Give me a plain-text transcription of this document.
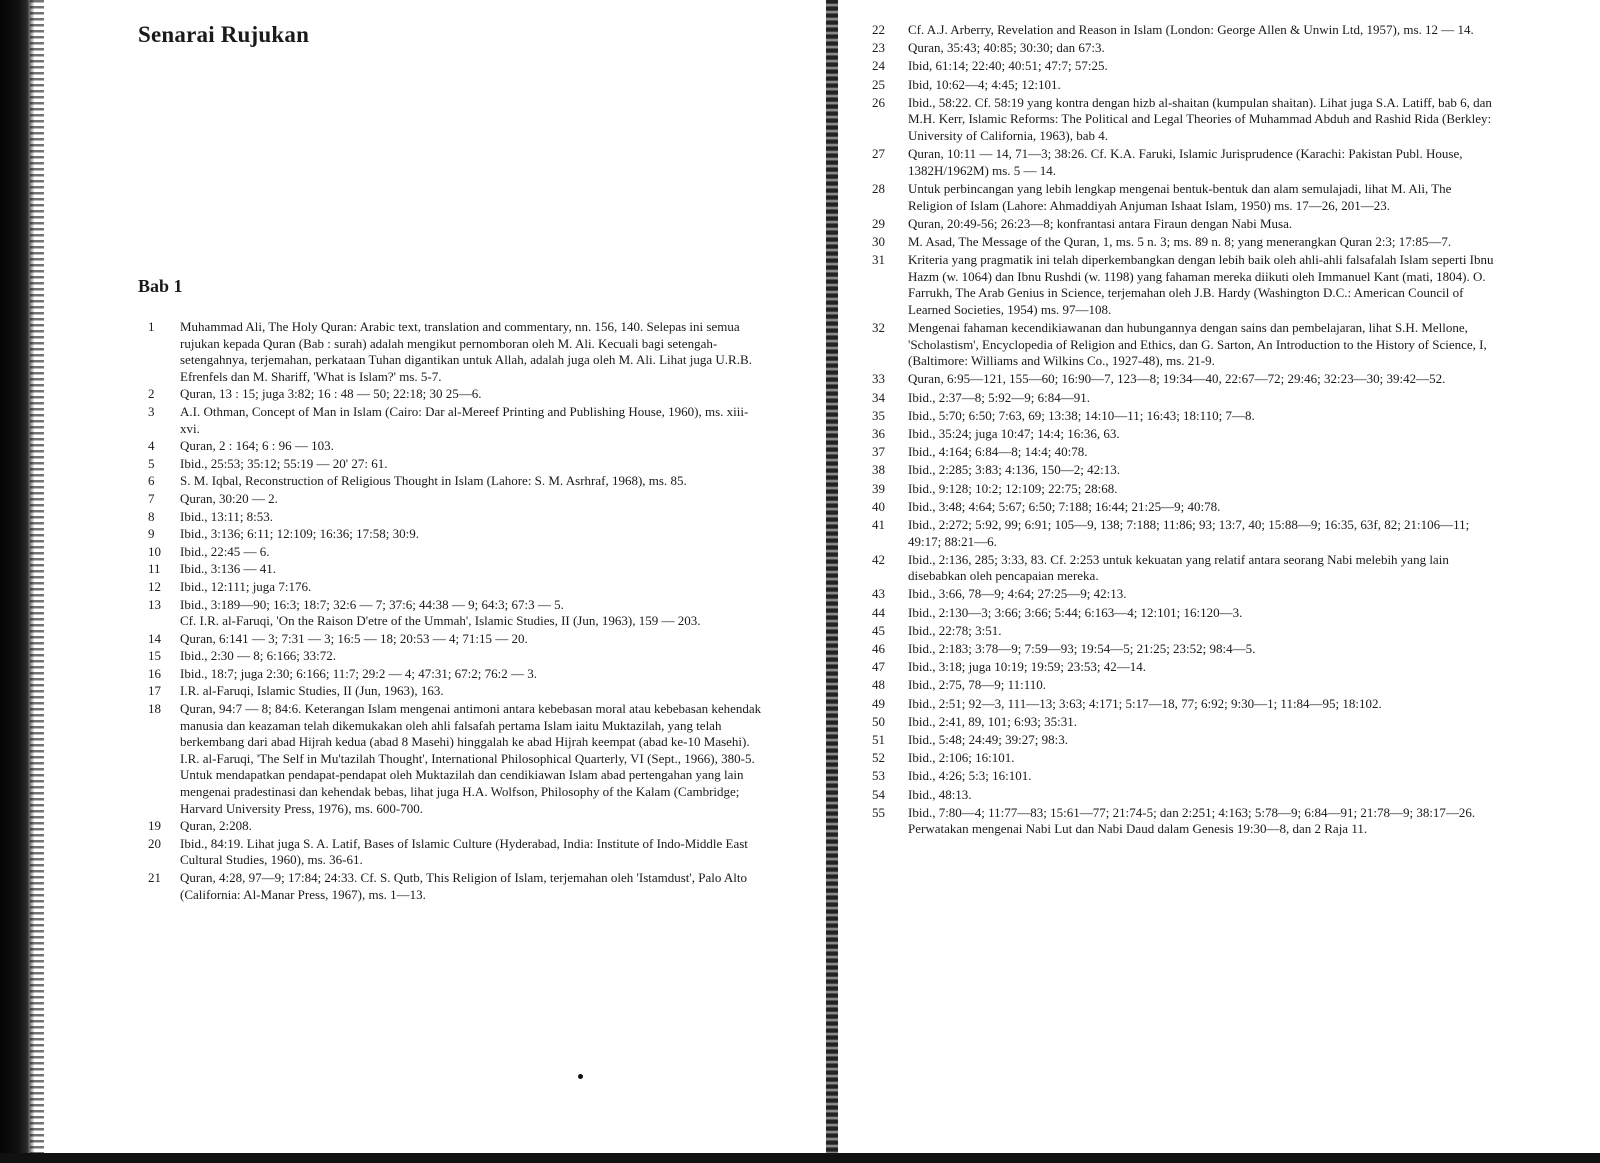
Senarai Rujukan
Bab 1
1	Muhammad Ali, The Holy Quran: Arabic text, translation and commentary, nn. 156, 140. Selepas ini semua rujukan kepada Quran (Bab : surah) adalah mengikut pernomboran oleh M. Ali. Kecuali bagi setengah-setengahnya, terjemahan, perkataan Tuhan digantikan untuk Allah, adalah juga oleh M. Ali. Lihat juga U.R.B. Efrenfels dan M. Shariff, 'What is Islam?' ms. 5-7.
2	Quran, 13 : 15; juga 3:82; 16 : 48 — 50; 22:18; 30 25—6.
3	A.I. Othman, Concept of Man in Islam (Cairo: Dar al-Mereef Printing and Publishing House, 1960), ms. xiii-xvi.
4	Quran, 2 : 164; 6 : 96 — 103.
5	Ibid., 25:53; 35:12; 55:19 — 20' 27: 61.
6	S. M. Iqbal, Reconstruction of Religious Thought in Islam (Lahore: S. M. Asrhraf, 1968), ms. 85.
7	Quran, 30:20 — 2.
8	Ibid., 13:11; 8:53.
9	Ibid., 3:136; 6:11; 12:109; 16:36; 17:58; 30:9.
10	Ibid., 22:45 — 6.
11	Ibid., 3:136 — 41.
12	Ibid., 12:111; juga 7:176.
13	Ibid., 3:189—90; 16:3; 18:7; 32:6 — 7; 37:6; 44:38 — 9; 64:3; 67:3 — 5.
Cf. I.R. al-Faruqi, 'On the Raison D'etre of the Ummah', Islamic Studies, II (Jun, 1963), 159 — 203.
14	Quran, 6:141 — 3; 7:31 — 3; 16:5 — 18; 20:53 — 4; 71:15 — 20.
15	Ibid., 2:30 — 8; 6:166; 33:72.
16	Ibid., 18:7; juga 2:30; 6:166; 11:7; 29:2 — 4; 47:31; 67:2; 76:2 — 3.
17	I.R. al-Faruqi, Islamic Studies, II (Jun, 1963), 163.
18	Quran, 94:7 — 8; 84:6. Keterangan Islam mengenai antimoni antara kebebasan moral atau kebebasan kehendak manusia dan keazaman telah dikemukakan oleh ahli falsafah pertama Islam iaitu Muktazilah, yang telah berkembang dari abad Hijrah kedua (abad 8 Masehi) hinggalah ke abad Hijrah keempat (abad ke-10 Masehi). I.R. al-Faruqi, 'The Self in Mu'tazilah Thought', International Philosophical Quarterly, VI (Sept., 1966), 380-5. Untuk mendapatkan pendapat-pendapat oleh Muktazilah dan cendikiawan Islam abad pertengahan yang lain mengenai pradestinasi dan kehendak bebas, lihat juga H.A. Wolfson, Philosophy of the Kalam (Cambridge; Harvard University Press, 1976), ms. 600-700.
19	Quran, 2:208.
20	Ibid., 84:19. Lihat juga S. A. Latif, Bases of Islamic Culture (Hyderabad, India: Institute of Indo-Middle East Cultural Studies, 1960), ms. 36-61.
21	Quran, 4:28, 97—9; 17:84; 24:33. Cf. S. Qutb, This Religion of Islam, terjemahan oleh 'Istamdust', Palo Alto (California: Al-Manar Press, 1967), ms. 1—13.
22	Cf. A.J. Arberry, Revelation and Reason in Islam (London: George Allen & Unwin Ltd, 1957), ms. 12 — 14.
23	Quran, 35:43; 40:85; 30:30; dan 67:3.
24	Ibid, 61:14; 22:40; 40:51; 47:7; 57:25.
25	Ibid, 10:62—4; 4:45; 12:101.
26	Ibid., 58:22. Cf. 58:19 yang kontra dengan hizb al-shaitan (kumpulan shaitan). Lihat juga S.A. Latiff, bab 6, dan M.H. Kerr, Islamic Reforms: The Political and Legal Theories of Muhammad Abduh and Rashid Rida (Berkley: University of California, 1963), bab 4.
27	Quran, 10:11 — 14, 71—3; 38:26. Cf. K.A. Faruki, Islamic Jurisprudence (Karachi: Pakistan Publ. House, 1382H/1962M) ms. 5 — 14.
28	Untuk perbincangan yang lebih lengkap mengenai bentuk-bentuk dan alam semulajadi, lihat M. Ali, The Religion of Islam (Lahore: Ahmaddiyah Anjuman Ishaat Islam, 1950) ms. 17—26, 201—23.
29	Quran, 20:49-56; 26:23—8; konfrantasi antara Firaun dengan Nabi Musa.
30	M. Asad, The Message of the Quran, 1, ms. 5 n. 3; ms. 89 n. 8; yang menerangkan Quran 2:3; 17:85—7.
31	Kriteria yang pragmatik ini telah diperkembangkan dengan lebih baik oleh ahli-ahli falsafalah Islam seperti Ibnu Hazm (w. 1064) dan Ibnu Rushdi (w. 1198) yang fahaman mereka diikuti oleh Immanuel Kant (mati, 1804). O. Farrukh, The Arab Genius in Science, terjemahan oleh J.B. Hardy (Washington D.C.: American Council of Learned Societies, 1954) ms. 97—108.
32	Mengenai fahaman kecendikiawanan dan hubungannya dengan sains dan pembelajaran, lihat S.H. Mellone, 'Scholastism', Encyclopedia of Religion and Ethics, dan G. Sarton, An Introduction to the History of Science, I, (Baltimore: Williams and Wilkins Co., 1927-48), ms. 21-9.
33	Quran, 6:95—121, 155—60; 16:90—7, 123—8; 19:34—40, 22:67—72; 29:46; 32:23—30; 39:42—52.
34	Ibid., 2:37—8; 5:92—9; 6:84—91.
35	Ibid., 5:70; 6:50; 7:63, 69; 13:38; 14:10—11; 16:43; 18:110; 7—8.
36	Ibid., 35:24; juga 10:47; 14:4; 16:36, 63.
37	Ibid., 4:164; 6:84—8; 14:4; 40:78.
38	Ibid., 2:285; 3:83; 4:136, 150—2; 42:13.
39	Ibid., 9:128; 10:2; 12:109; 22:75; 28:68.
40	Ibid., 3:48; 4:64; 5:67; 6:50; 7:188; 16:44; 21:25—9; 40:78.
41	Ibid., 2:272; 5:92, 99; 6:91; 105—9, 138; 7:188; 11:86; 93; 13:7, 40; 15:88—9; 16:35, 63f, 82; 21:106—11; 49:17; 88:21—6.
42	Ibid., 2:136, 285; 3:33, 83. Cf. 2:253 untuk kekuatan yang relatif antara seorang Nabi melebih yang lain disebabkan oleh pencapaian mereka.
43	Ibid., 3:66, 78—9; 4:64; 27:25—9; 42:13.
44	Ibid., 2:130—3; 3:66; 3:66; 5:44; 6:163—4; 12:101; 16:120—3.
45	Ibid., 22:78; 3:51.
46	Ibid., 2:183; 3:78—9; 7:59—93; 19:54—5; 21:25; 23:52; 98:4—5.
47	Ibid., 3:18; juga 10:19; 19:59; 23:53; 42—14.
48	Ibid., 2:75, 78—9; 11:110.
49	Ibid., 2:51; 92—3, 111—13; 3:63; 4:171; 5:17—18, 77; 6:92; 9:30—1; 11:84—95; 18:102.
50	Ibid., 2:41, 89, 101; 6:93; 35:31.
51	Ibid., 5:48; 24:49; 39:27; 98:3.
52	Ibid., 2:106; 16:101.
53	Ibid., 4:26; 5:3; 16:101.
54	Ibid., 48:13.
55	Ibid., 7:80—4; 11:77—83; 15:61—77; 21:74-5; dan 2:251; 4:163; 5:78—9; 6:84—91; 21:78—9; 38:17—26. Perwatakan mengenai Nabi Lut dan Nabi Daud dalam Genesis 19:30—8, dan 2 Raja 11.
